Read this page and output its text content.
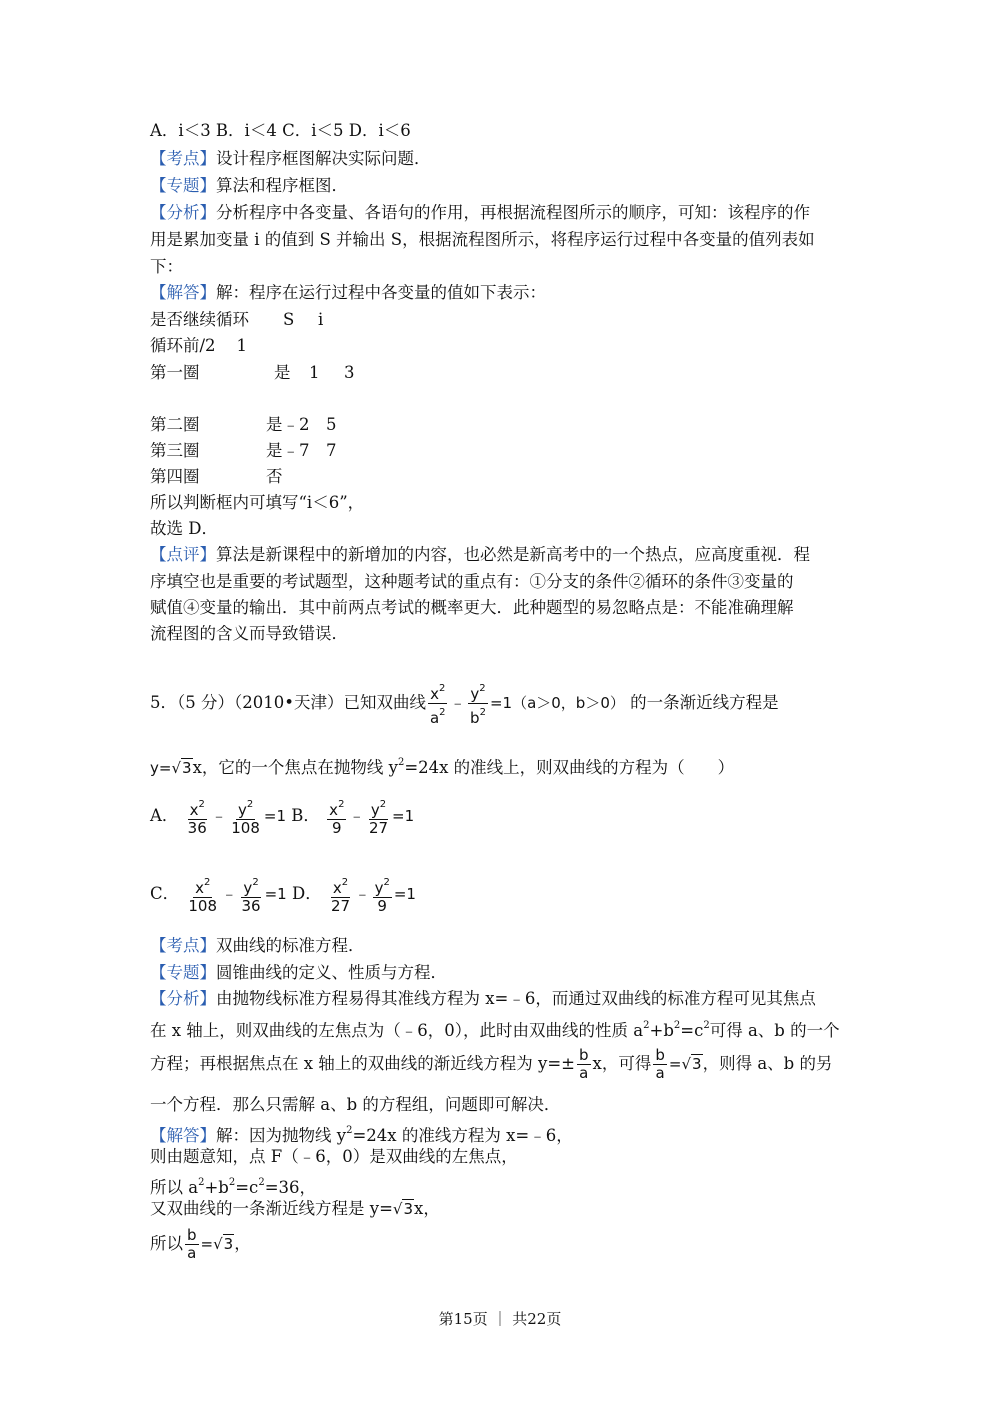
A．i＜3 B．i＜4 C．i＜5 D．i＜6
【考点】设计程序框图解决实际问题．
【专题】算法和程序框图．
【分析】分析程序中各变量、各语句的作用，再根据流程图所示的顺序，可知：该程序的作
用是累加变量 i 的值到 S 并输出 S，根据流程图所示，将程序运行过程中各变量的值列表如
下：
【解答】解：程序在运行过程中各变量的值如下表示：
是否继续循环 S i
循环前/2    1
第一圈	是 1 3
第二圈	是﹣2 5
第三圈	是﹣7 7
第四圈	否
所以判断框内可填写“i＜6”，
故选 D．
【点评】算法是新课程中的新增加的内容，也必然是新高考中的一个热点，应高度重视．程
序填空也是重要的考试题型，这种题考试的重点有：①分支的条件②循环的条件③变量的
赋值④变量的输出．其中前两点考试的概率更大．此种题型的易忽略点是：不能准确理解
流程图的含义而导致错误．
5．（5 分）（2010•天津）已知双曲线 $\frac{x^2}{a^2}$ ﹣ $\frac{y^2}{b^2} =1(a>0$，b＞0） 的一条渐近线方程是
y=√3x，它的一个焦点在抛物线 $y^2=24x$ 的准线上，则双曲线的方程为（　　）
A． $\frac{x^2}{36}$ ﹣ $\frac{y^2}{108} =1$ B． $\frac{x^2}{9}$ ﹣ $\frac{y^2}{27} =1$
C． $\frac{x^2}{108}$ ﹣ $\frac{y^2}{36} =1$ D． $\frac{x^2}{27}$ ﹣ $\frac{y^2}{9} =1$
【考点】双曲线的标准方程．
【专题】圆锥曲线的定义、性质与方程．
【分析】由抛物线标准方程易得其准线方程为 x=﹣6，而通过双曲线的标准方程可见其焦点
在 x 轴上，则双曲线的左焦点为（﹣6，0），此时由双曲线的性质 $a^2+b^2=c^2$可得 a、b 的一个
方程；再根据焦点在 x 轴上的双曲线的渐近线方程为 $y=\pm \frac{b}{a}$ x，可得 $\frac{b}{a} =√3$，则得 a、b 的另
一个方程．那么只需解 a、b 的方程组，问题即可解决．
【解答】解：因为抛物线 $y^2=24x$ 的准线方程为 x=﹣6，
则由题意知，点 F（﹣6，0）是双曲线的左焦点，
所以 $a^2+b^2=c^2=36$，
又双曲线的一条渐近线方程是 y=√3x，
所以 $\frac{b}{a} =√3$，
第15页 ｜ 共22页
